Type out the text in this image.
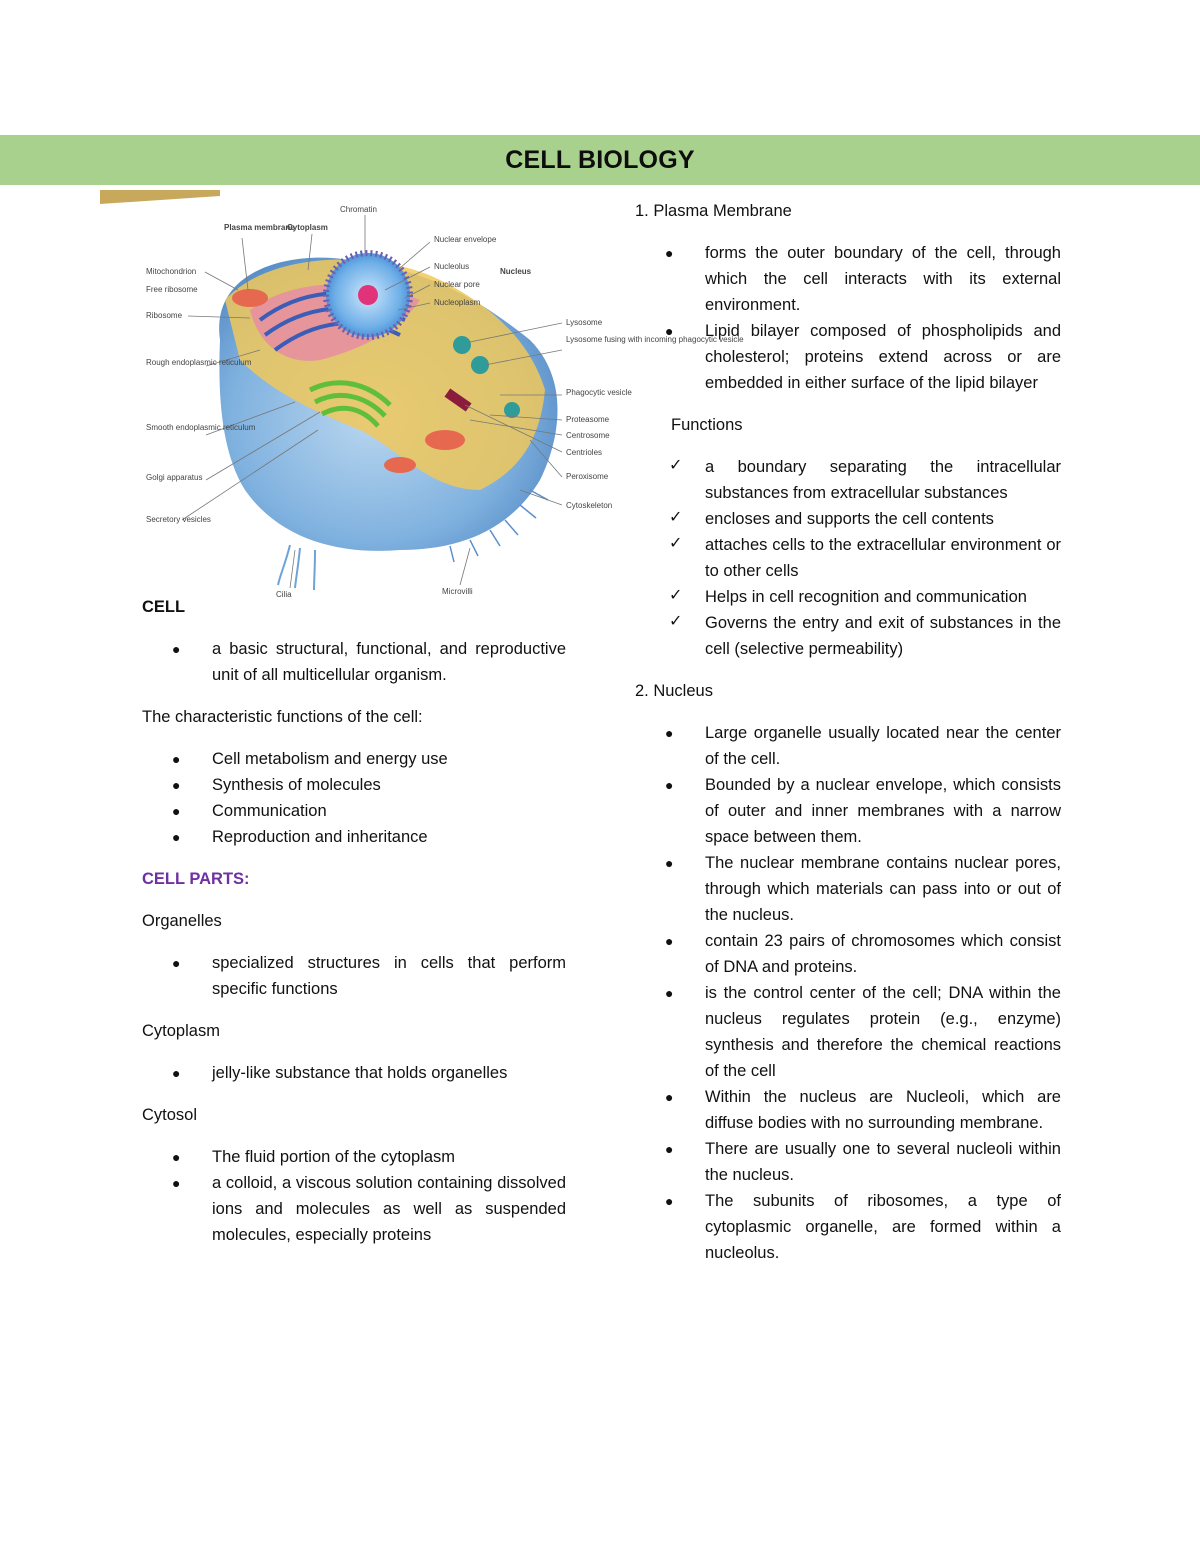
CELL BIOLOGY
Plasma membrane
Cytoplasm
Chromatin
Nuclear envelope
Nucleolus
Nuclear pore
Nucleoplasm
Nucleus
Mitochondrion
Free ribosome
Ribosome
Rough endoplasmic reticulum
Smooth endoplasmic reticulum
Golgi apparatus
Secretory vesicles
Lysosome
Lysosome fusing with incoming phagocytic vesicle
Phagocytic vesicle
Proteasome
Centrosome
Centrioles
Peroxisome
Cytoskeleton
Cilia	Microvilli

CELL

● a basic structural, functional, and reproductive unit of all multicellular organism.

The characteristic functions of the cell:

● Cell metabolism and energy use
● Synthesis of molecules
● Communication
● Reproduction and inheritance

CELL PARTS:

Organelles

● specialized structures in cells that perform specific functions

Cytoplasm

● jelly-like substance that holds organelles

Cytosol

● The fluid portion of the cytoplasm
● a colloid, a viscous solution containing dissolved ions and molecules as well as suspended molecules, especially proteins

1. Plasma Membrane

● forms the outer boundary of the cell, through which the cell interacts with its external environment.
● Lipid bilayer composed of phospholipids and cholesterol; proteins extend across or are embedded in either surface of the lipid bilayer

Functions

✓ a boundary separating the intracellular substances from extracellular substances
✓ encloses and supports the cell contents
✓ attaches cells to the extracellular environment or to other cells
✓ Helps in cell recognition and communication
✓ Governs the entry and exit of substances in the cell (selective permeability)

2. Nucleus

● Large organelle usually located near the center of the cell.
● Bounded by a nuclear envelope, which consists of outer and inner membranes with a narrow space between them.
● The nuclear membrane contains nuclear pores, through which materials can pass into or out of the nucleus.
● contain 23 pairs of chromosomes which consist of DNA and proteins.
● is the control center of the cell; DNA within the nucleus regulates protein (e.g., enzyme) synthesis and therefore the chemical reactions of the cell
● Within the nucleus are Nucleoli, which are diffuse bodies with no surrounding membrane.
● There are usually one to several nucleoli within the nucleus.
● The subunits of ribosomes, a type of cytoplasmic organelle, are formed within a nucleolus.
